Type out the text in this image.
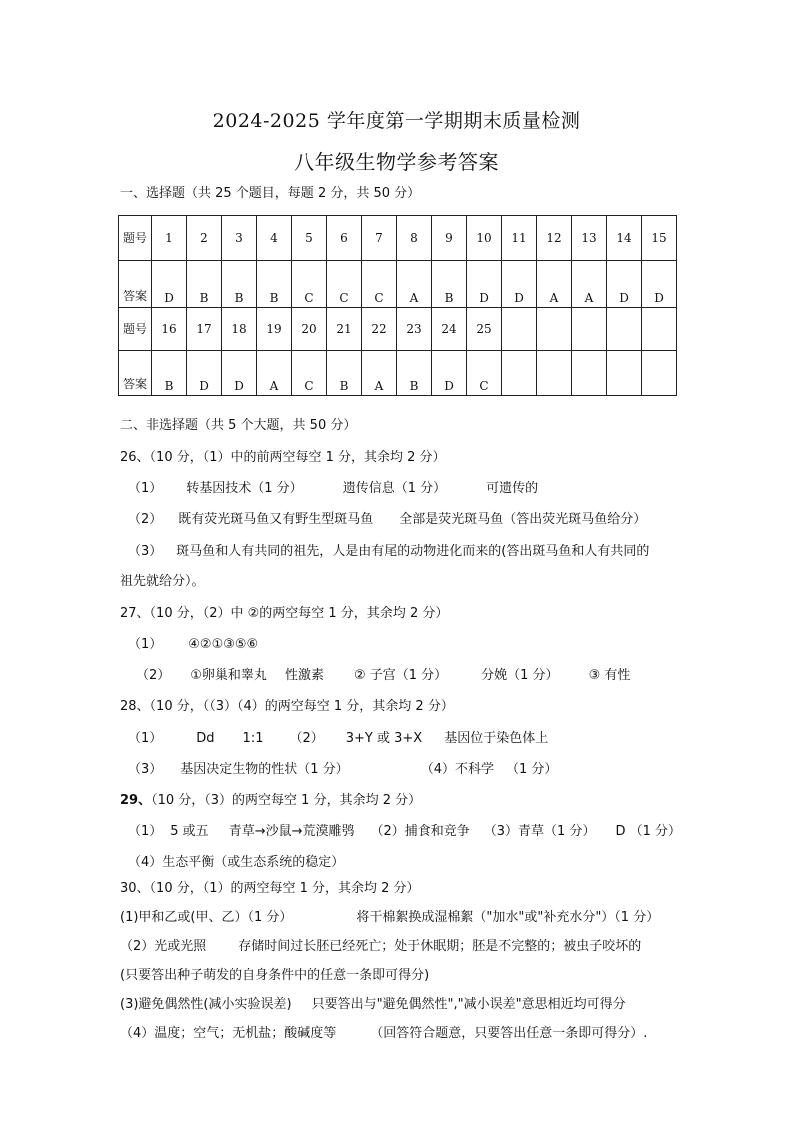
2024-2025 学年度第一学期期末质量检测
八年级生物学参考答案
一、选择题（共 25 个题目，每题 2 分，共 50 分）
题号	1	2	3	4	5	6	7	8	9	10	11	12	13	14	15
答案	D	B	B	B	C	C	C	A	B	D	D	A	A	D	D
题号	16	17	18	19	20	21	22	23	24	25					
答案	B	D	D	A	C	B	A	B	D	C					
二、非选择题（共 5 个大题，共 50 分）
26、（10 分，（1）中的前两空每空 1 分，其余均 2 分）
（1） 转基因技术（1 分）	遗传信息（1 分）	可遗传的
（2） 既有荧光斑马鱼又有野生型斑马鱼 全部是荧光斑马鱼（答出荧光斑马鱼给分）
（3） 斑马鱼和人有共同的祖先，人是由有尾的动物进化而来的(答出斑马鱼和人有共同的
祖先就给分）。
27、（10 分，（2）中 ②的两空每空 1 分，其余均 2 分）
（1） ④②①③⑤⑥
（2） ①卵巢和睾丸 性激素 ② 子宫（1 分）	分娩（1 分） ③ 有性
28、（10 分，（（3）（4）的两空每空 1 分，其余均 2 分）
（1）	Dd 1:1 （2） 3+Y 或 3+X 基因位于染色体上
（3） 基因决定生物的性状（1 分）	（4）不科学 （1 分）
29、（10 分，（3）的两空每空 1 分，其余均 2 分）
（1） 5 或五 青草→沙鼠→荒漠雕鸮 （2）捕食和竞争 （3）青草（1 分） D （1 分）
（4）生态平衡（或生态系统的稳定）
30、（10 分，（1）的两空每空 1 分，其余均 2 分）
(1)甲和乙或(甲、乙）（1 分）	将干棉絮换成湿棉絮（"加水"或"补充水分"）（1 分）
（2）光或光照 存储时间过长胚已经死亡；处于休眠期；胚是不完整的；被虫子咬坏的
(只要答出种子萌发的自身条件中的任意一条即可得分)
(3)避免偶然性(减小实验误差) 只要答出与"避免偶然性","减小误差"意思相近均可得分
（4）温度；空气；无机盐；酸碱度等	（回答符合题意，只要答出任意一条即可得分）.
